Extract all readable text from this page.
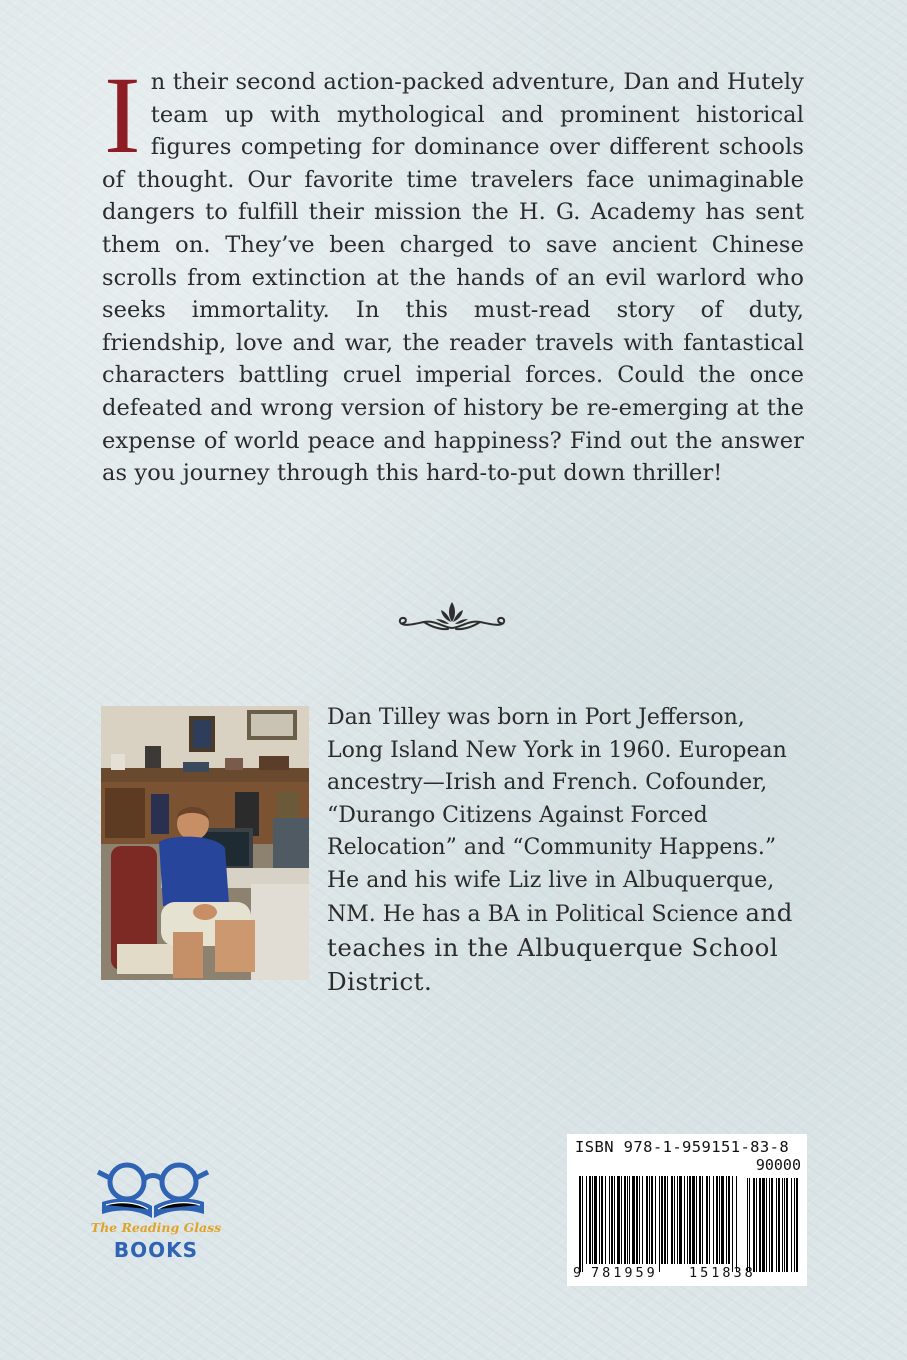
In their second action-packed adventure, Dan and Hutely team up with mythological and prominent historical figures competing for dominance over different schools of thought. Our favorite time travelers face unimaginable dangers to fulfill their mission the H. G. Academy has sent them on. They’ve been charged to save ancient Chinese scrolls from extinction at the hands of an evil warlord who seeks immortality. In this must-read story of duty, friendship, love and war, the reader travels with fantastical characters battling cruel imperial forces. Could the once defeated and wrong version of history be re-emerging at the expense of world peace and happiness? Find out the answer as you journey through this hard-to-put down thriller!
Dan Tilley was born in Port Jefferson, Long Island New York in 1960. European ancestry—Irish and French. Cofounder, “Durango Citizens Against Forced Relocation” and “Community Happens.” He and his wife Liz live in Albuquerque, NM. He has a BA in Political Science and teaches in the Albuquerque School District.
The Reading Glass
BOOKS
ISBN 978-1-959151-83-8
90000
9 781959 151838
